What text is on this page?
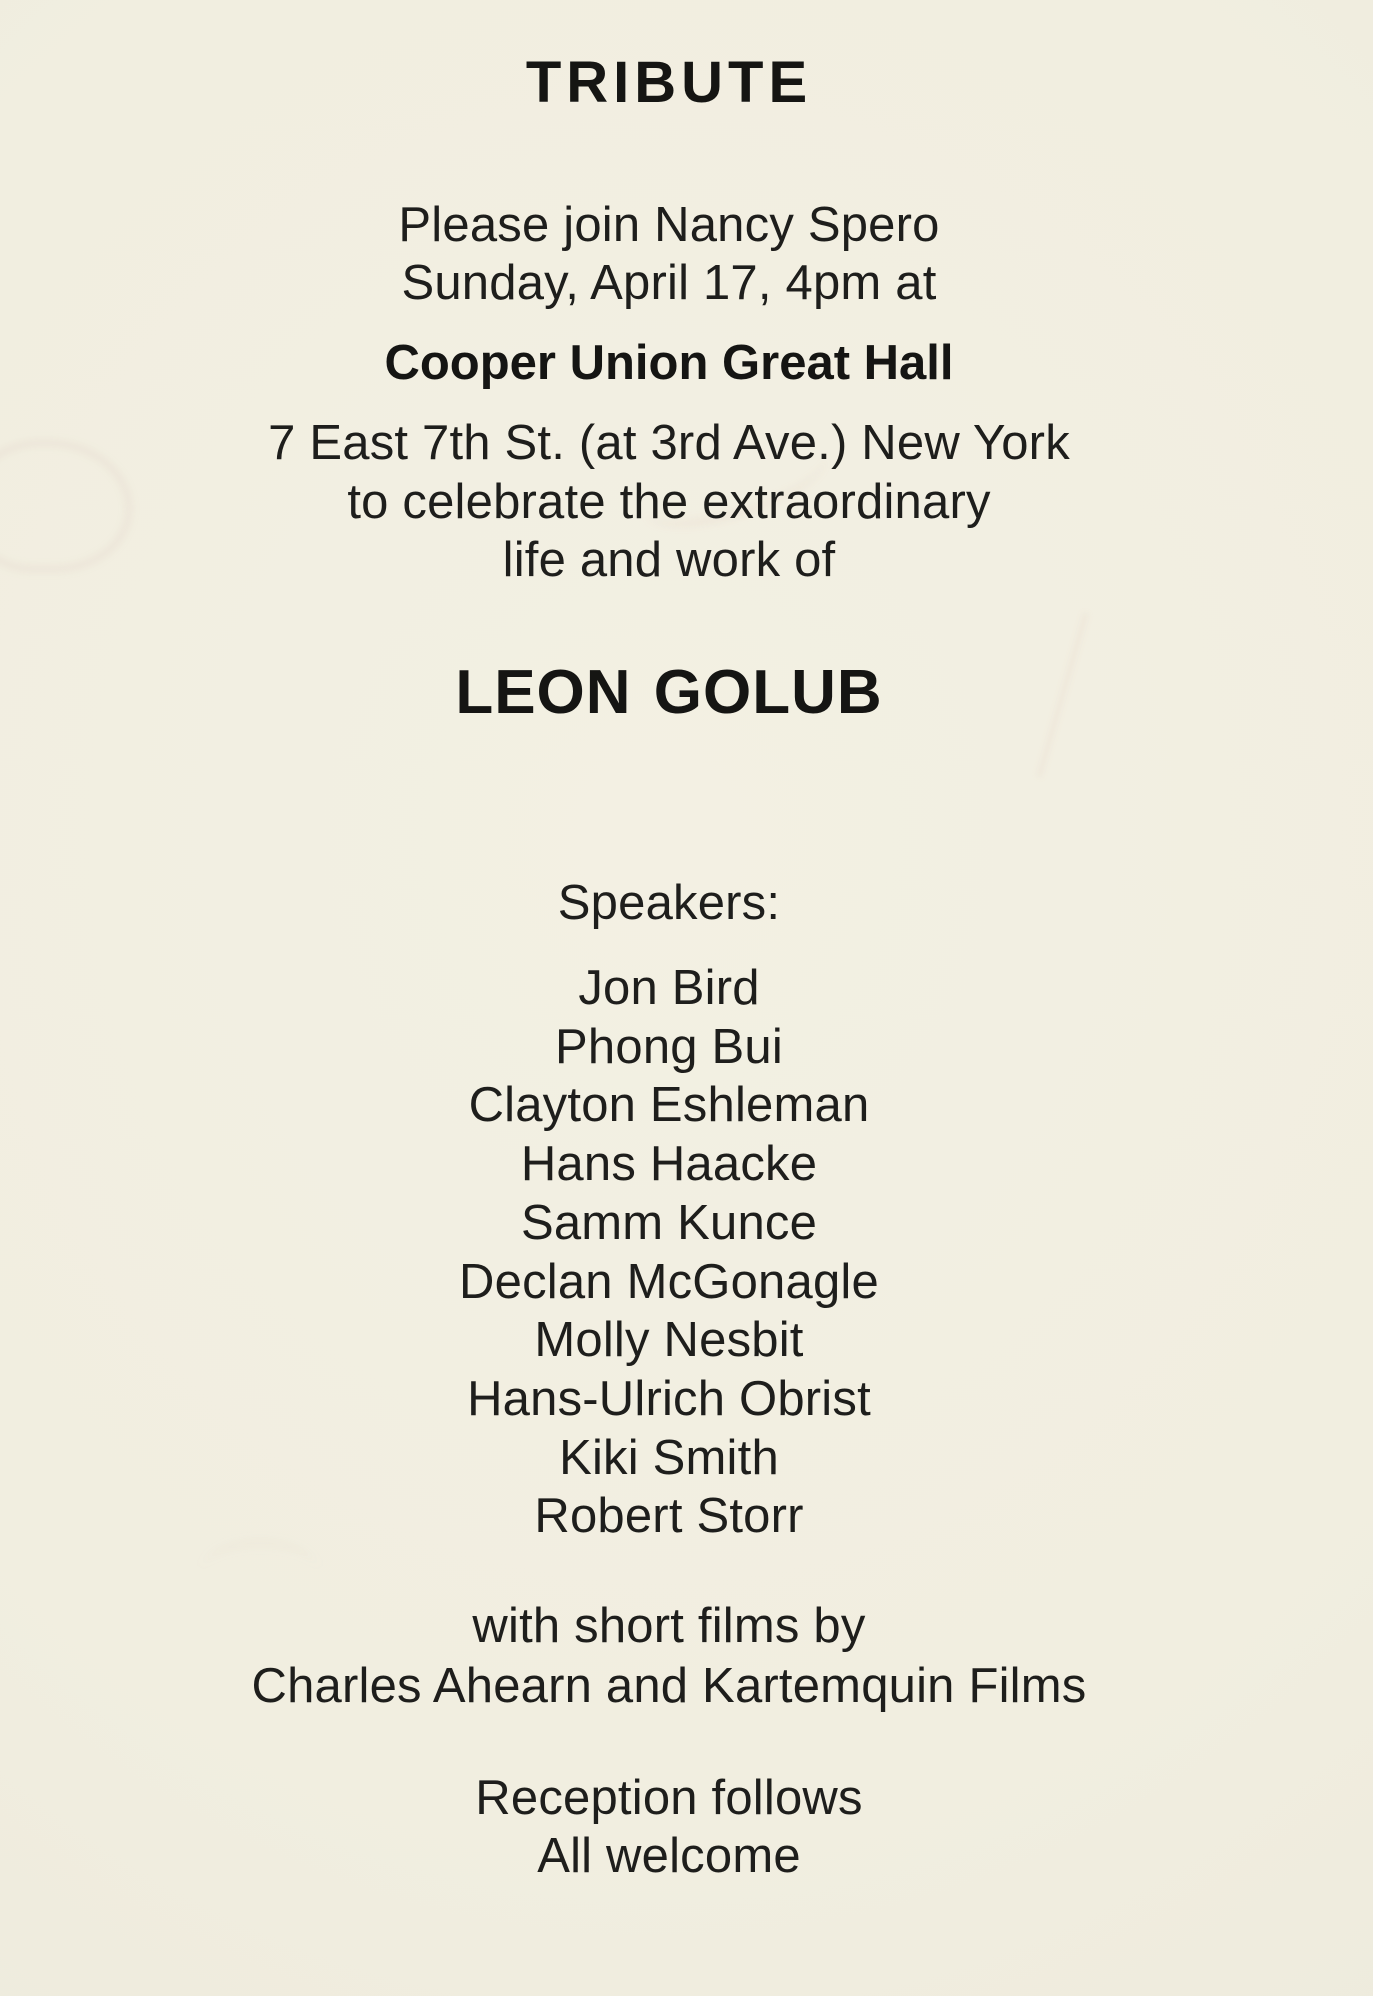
TRIBUTE
Please join Nancy Spero
Sunday, April 17, 4pm at
Cooper Union Great Hall
7 East 7th St. (at 3rd Ave.) New York
to celebrate the extraordinary
life and work of
LEON GOLUB
Speakers:
Jon Bird
Phong Bui
Clayton Eshleman
Hans Haacke
Samm Kunce
Declan McGonagle
Molly Nesbit
Hans-Ulrich Obrist
Kiki Smith
Robert Storr
with short films by
Charles Ahearn and Kartemquin Films
Reception follows
All welcome
